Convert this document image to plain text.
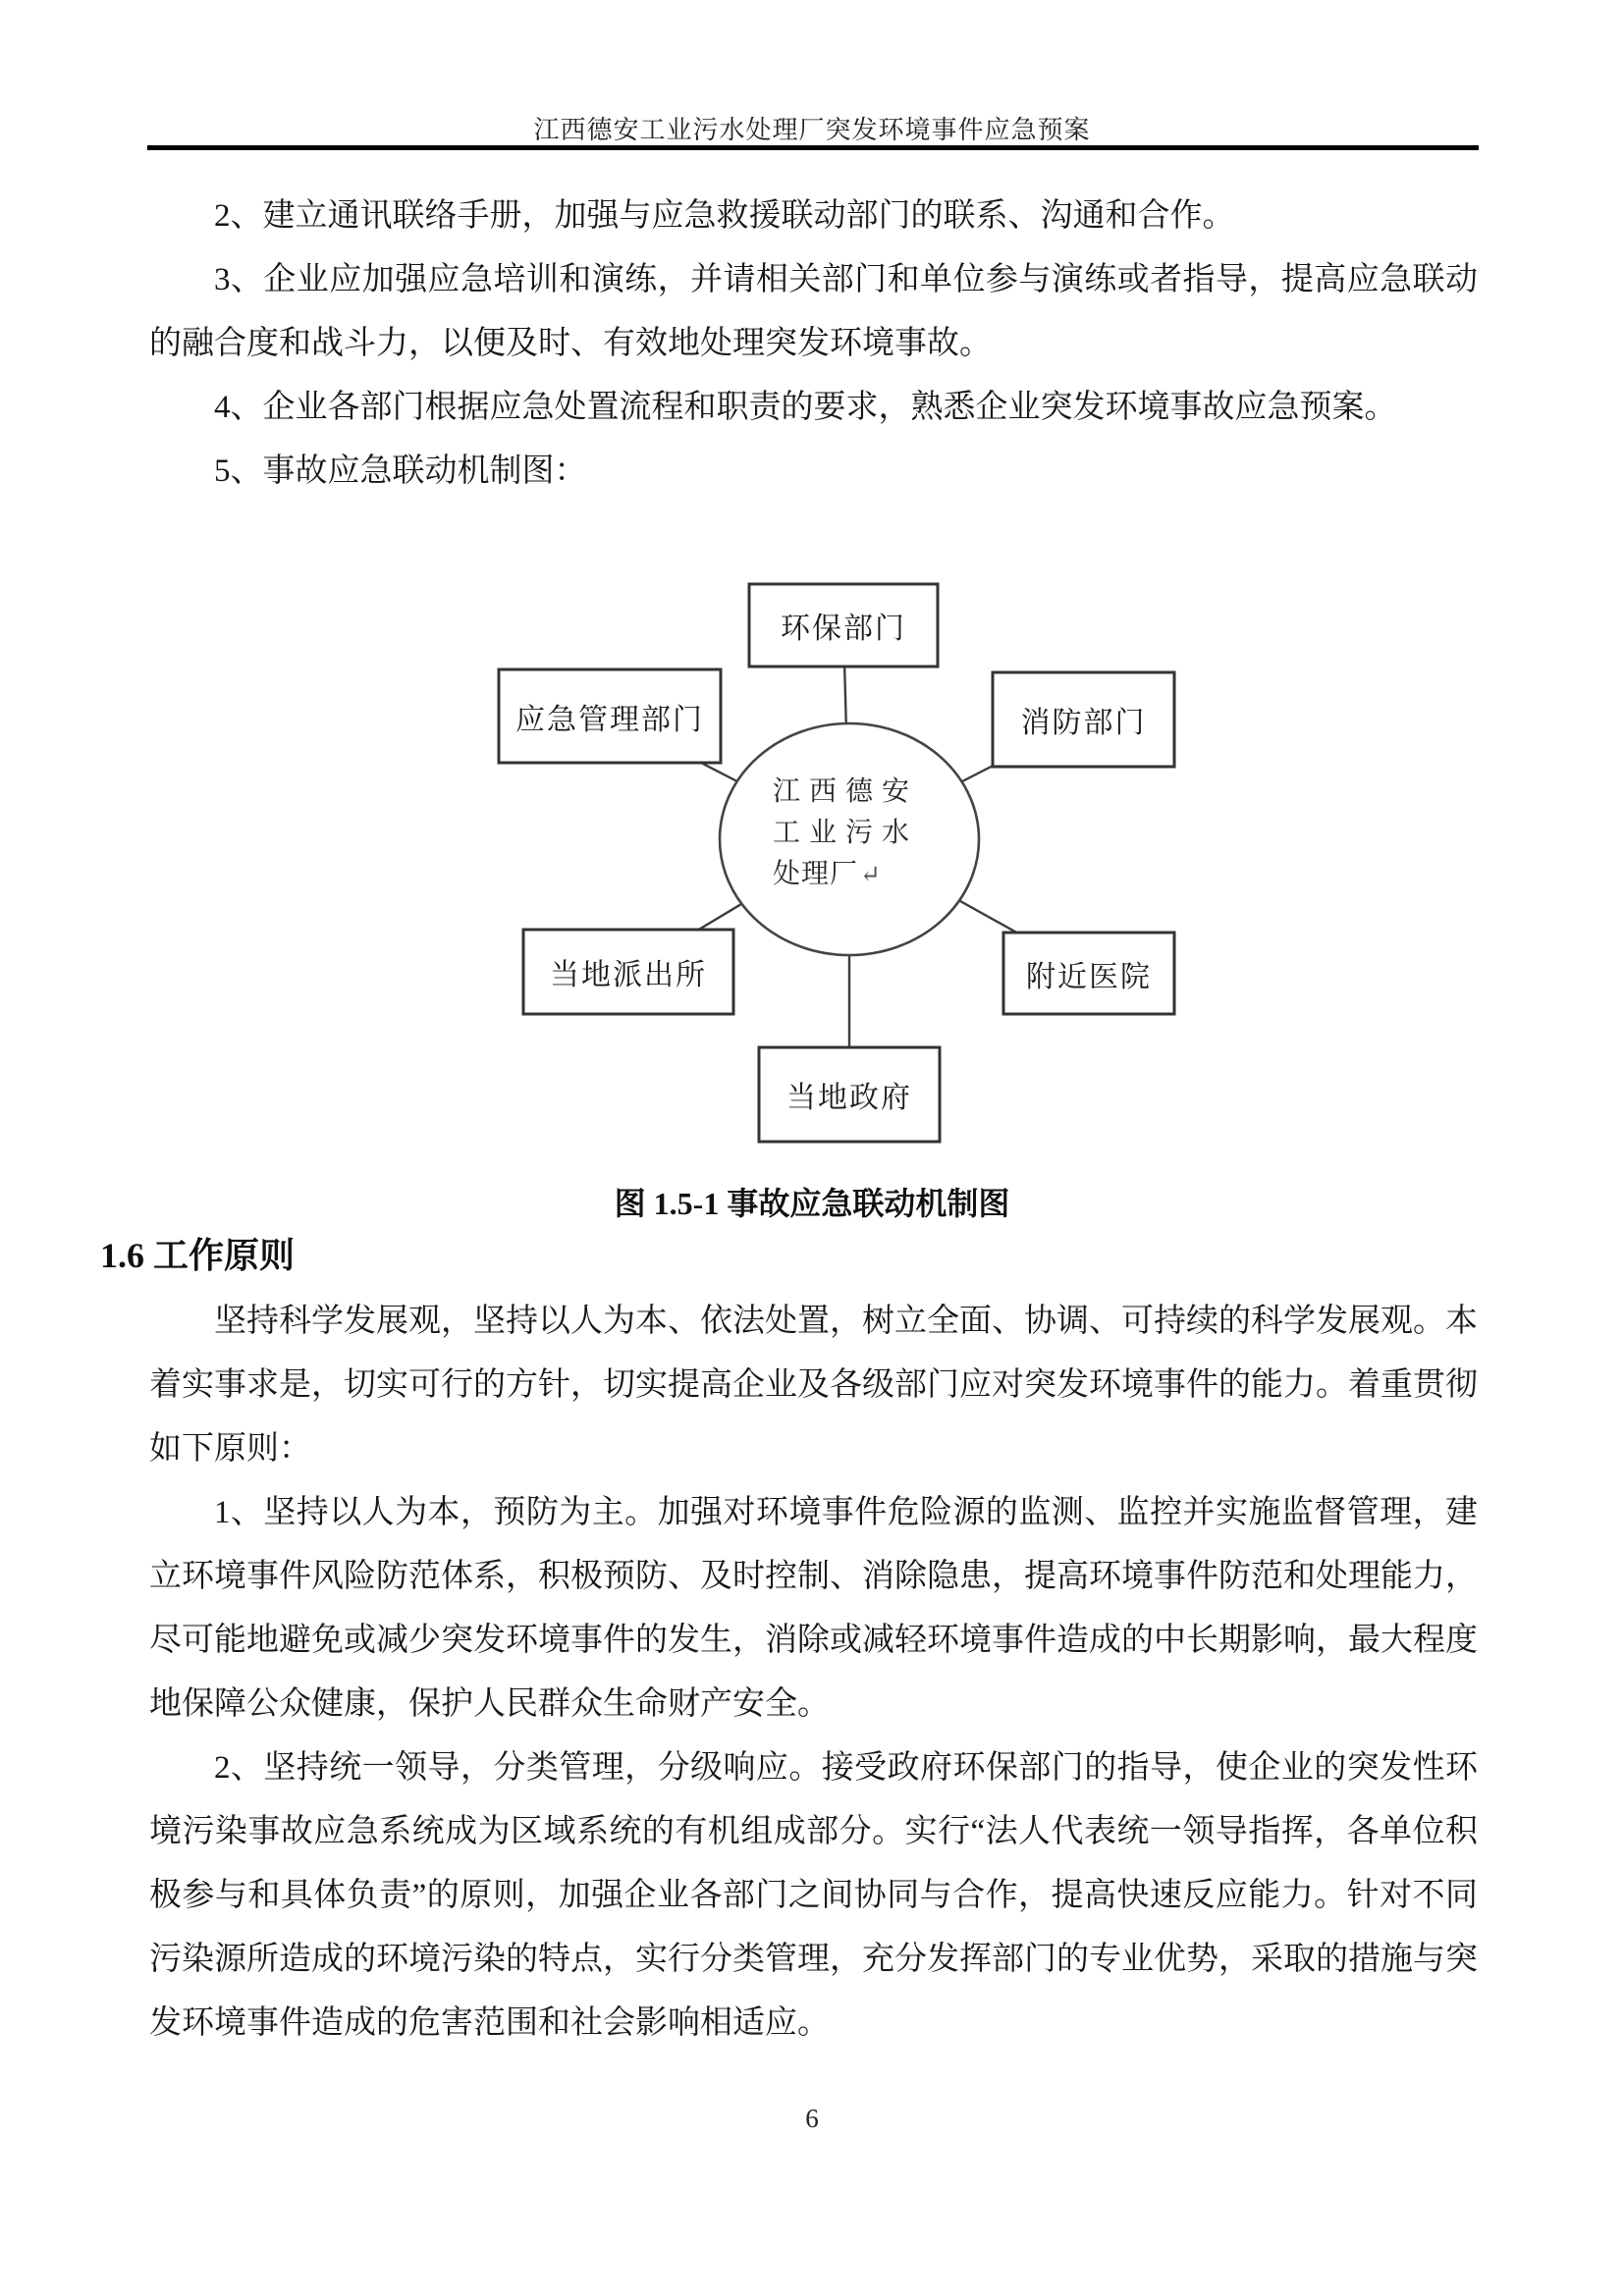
江西德安工业污水处理厂突发环境事件应急预案
2、建立通讯联络手册，加强与应急救援联动部门的联系、沟通和合作。
3、企业应加强应急培训和演练，并请相关部门和单位参与演练或者指导，提高应急联动
的融合度和战斗力，以便及时、有效地处理突发环境事故。
4、企业各部门根据应急处置流程和职责的要求，熟悉企业突发环境事故应急预案。
5、事故应急联动机制图：
环保部门
应急管理部门	消防部门
当地派出所	附近医院
当地政府
江 西 德 安
工 业 污 水
处理厂↵
图 1.5-1 事故应急联动机制图
1.6 工作原则
坚持科学发展观，坚持以人为本、依法处置，树立全面、协调、可持续的科学发展观。本
着实事求是，切实可行的方针，切实提高企业及各级部门应对突发环境事件的能力。着重贯彻
如下原则：
1、坚持以人为本，预防为主。加强对环境事件危险源的监测、监控并实施监督管理，建
立环境事件风险防范体系，积极预防、及时控制、消除隐患，提高环境事件防范和处理能力，
尽可能地避免或减少突发环境事件的发生，消除或减轻环境事件造成的中长期影响，最大程度
地保障公众健康，保护人民群众生命财产安全。
2、坚持统一领导，分类管理，分级响应。接受政府环保部门的指导，使企业的突发性环
境污染事故应急系统成为区域系统的有机组成部分。实行“法人代表统一领导指挥，各单位积
极参与和具体负责”的原则，加强企业各部门之间协同与合作，提高快速反应能力。针对不同
污染源所造成的环境污染的特点，实行分类管理，充分发挥部门的专业优势，采取的措施与突
发环境事件造成的危害范围和社会影响相适应。
6
